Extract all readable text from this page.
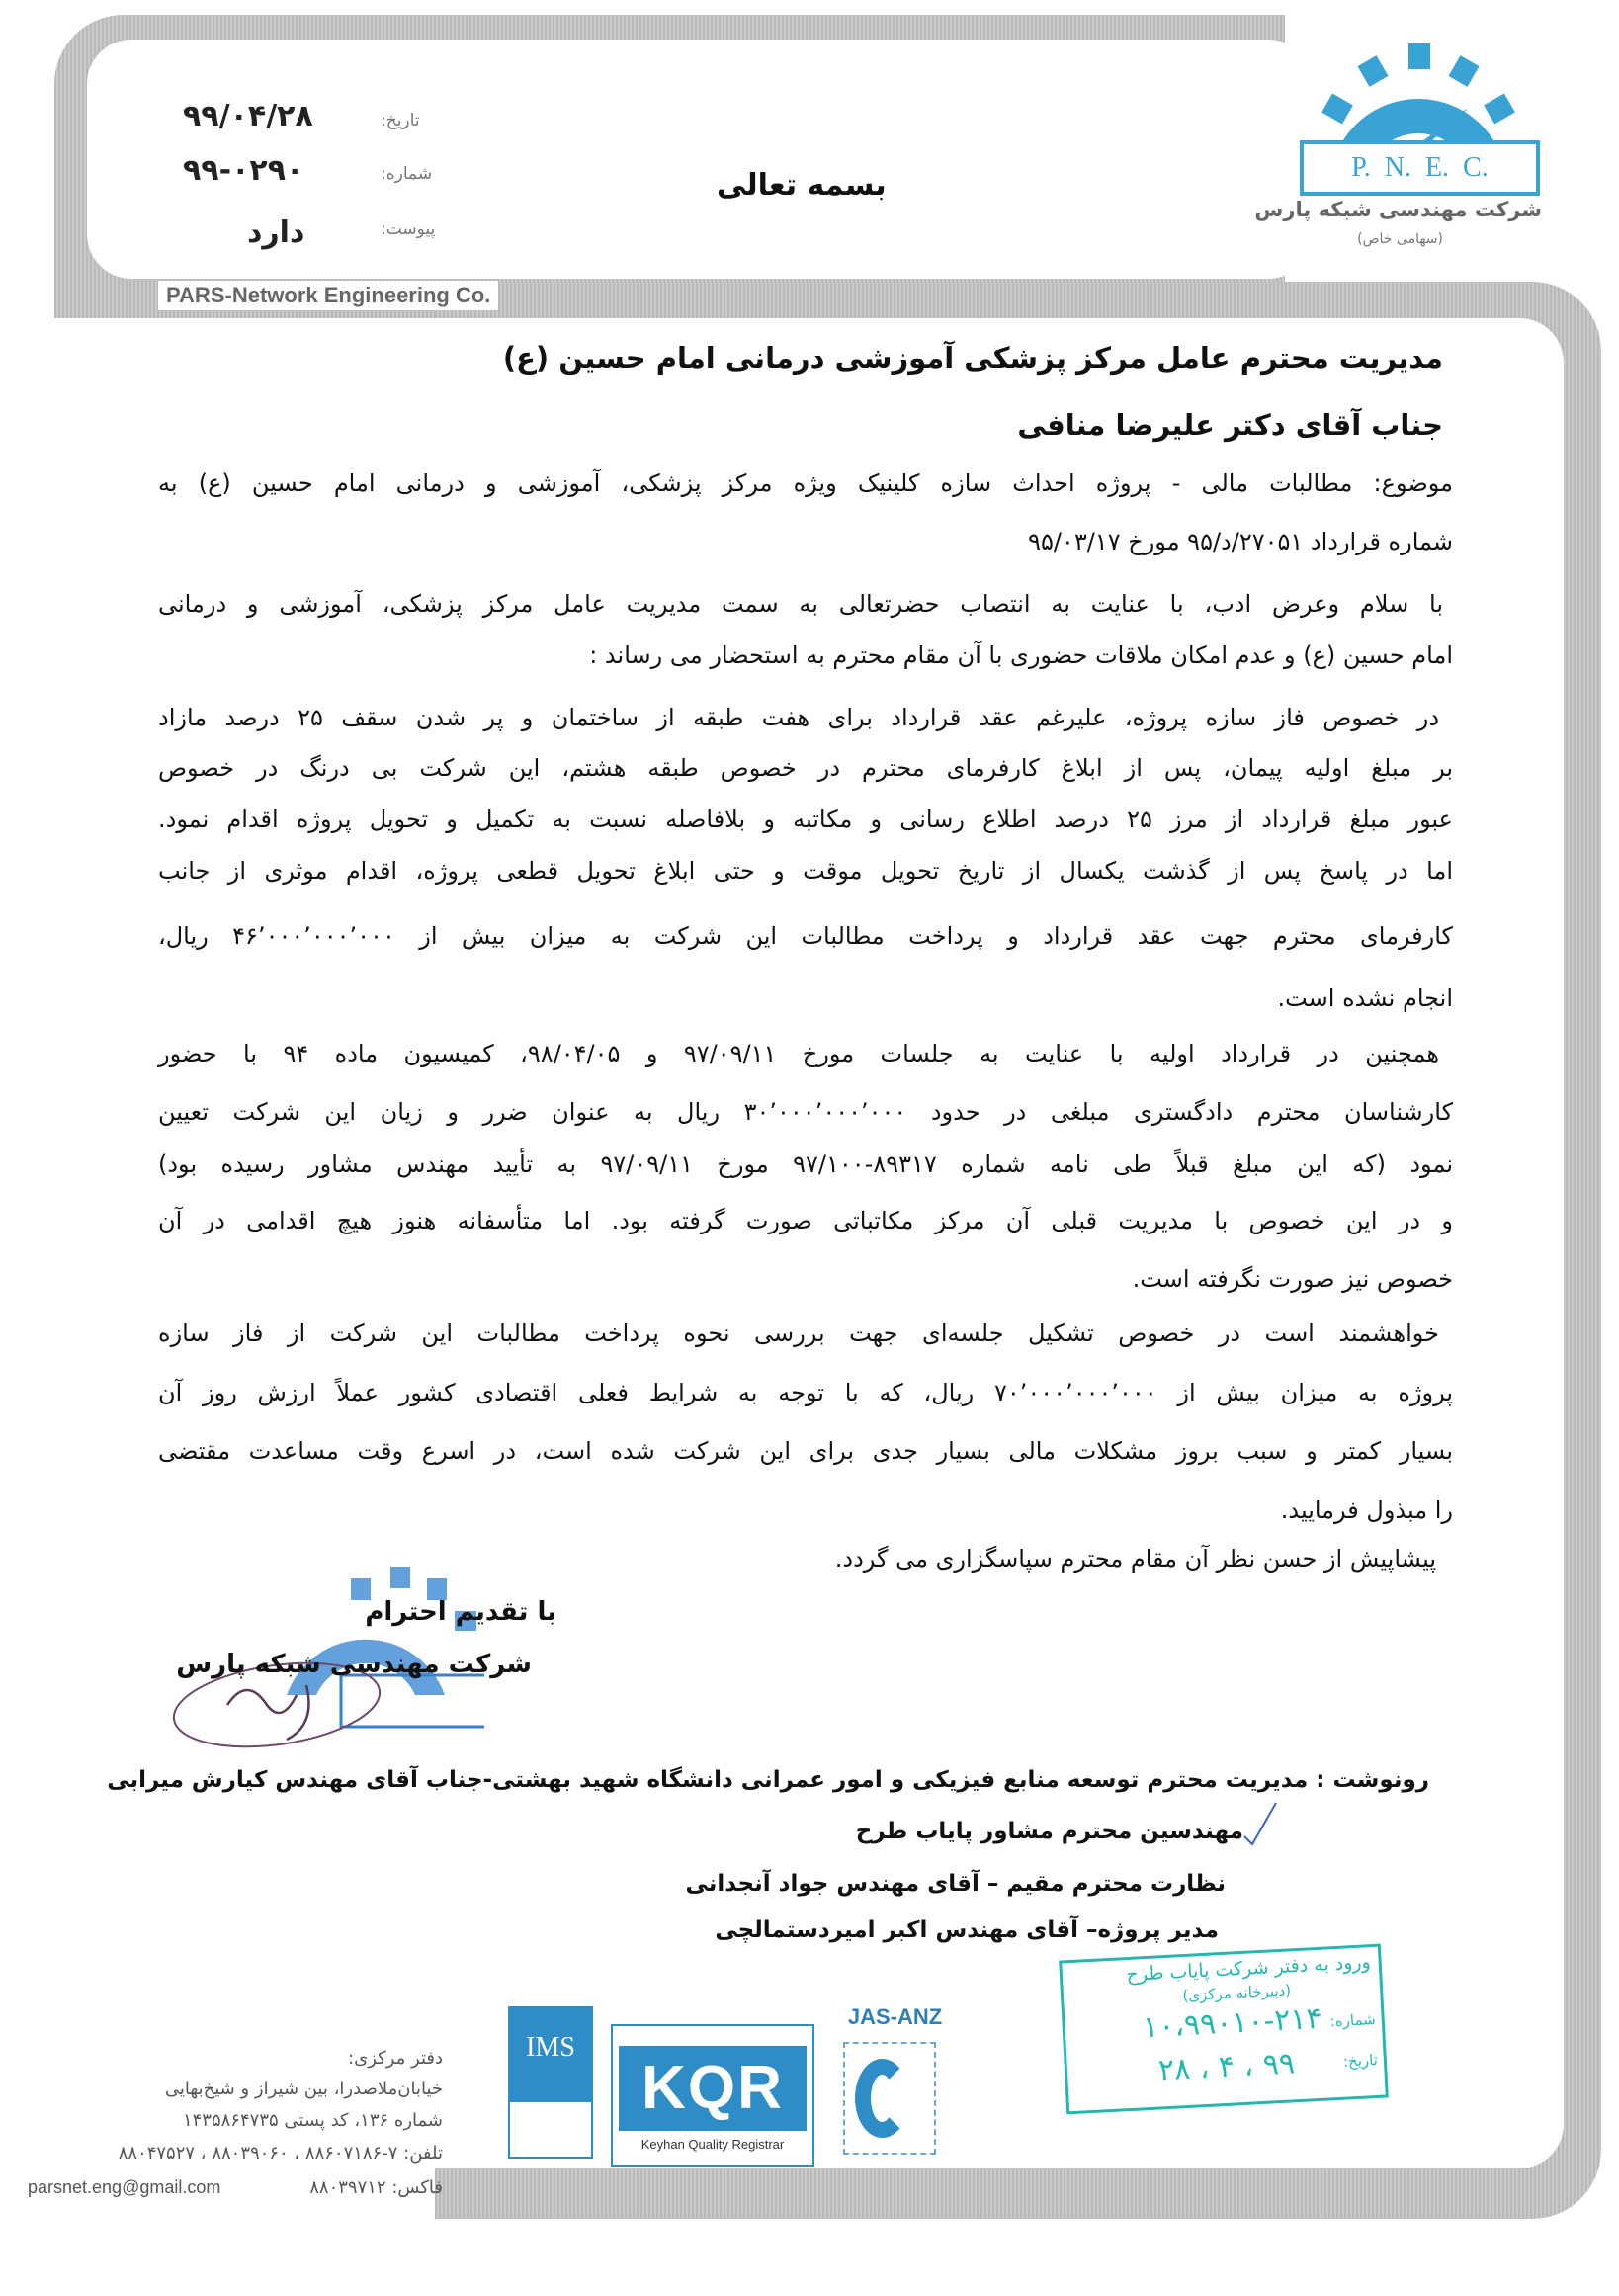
PARS-Network Engineering Co.
تاریخ:
۹۹/۰۴/۲۸
شماره:
۹۹-۰۲۹۰
پیوست:
دارد
بسمه تعالی
P.  N.  E.  C.
شرکت مهندسی شبکه پارس
(سهامی خاص)
مدیریت محترم عامل مرکز پزشکی آموزشی درمانی امام حسین (ع)
جناب آقای دکتر علیرضا منافی
موضوع: مطالبات مالی - پروژه احداث سازه کلینیک ویژه مرکز پزشکی، آموزشی و درمانی امام حسین (ع) به
شماره قرارداد ۲۷۰۵۱/د/۹۵ مورخ ۹۵/۰۳/۱۷
با سلام وعرض ادب، با عنایت به انتصاب حضرتعالی به سمت مدیریت عامل مرکز پزشکی، آموزشی و درمانی
امام حسین (ع) و عدم امکان ملاقات حضوری با آن مقام محترم به استحضار می رساند :
در خصوص فاز سازه پروژه، علیرغم عقد قرارداد برای هفت طبقه از ساختمان و پر شدن سقف ۲۵ درصد مازاد
بر مبلغ اولیه پیمان، پس از ابلاغ کارفرمای محترم در خصوص طبقه هشتم، این شرکت بی درنگ در خصوص
عبور مبلغ قرارداد از مرز ۲۵ درصد اطلاع رسانی و مکاتبه و بلافاصله نسبت به تکمیل و تحویل پروژه اقدام نمود.
اما در پاسخ پس از گذشت یکسال از تاریخ تحویل موقت و حتی ابلاغ تحویل قطعی پروژه، اقدام موثری از جانب
کارفرمای محترم جهت عقد قرارداد و پرداخت مطالبات این شرکت به میزان بیش از ۴۶٬۰۰۰٬۰۰۰٬۰۰۰ ریال،
انجام نشده است.
همچنین در قرارداد اولیه با عنایت به جلسات مورخ ۹۷/۰۹/۱۱ و ۹۸/۰۴/۰۵، کمیسیون ماده ۹۴ با حضور
کارشناسان محترم دادگستری مبلغی در حدود ۳۰٬۰۰۰٬۰۰۰٬۰۰۰ ریال به عنوان ضرر و زیان این شرکت تعیین
نمود (که این مبلغ قبلاً طی نامه شماره ۸۹۳۱۷-۹۷/۱۰۰ مورخ ۹۷/۰۹/۱۱ به تأیید مهندس مشاور رسیده بود)
و در این خصوص با مدیریت قبلی آن مرکز مکاتباتی صورت گرفته بود. اما متأسفانه هنوز هیچ اقدامی در آن
خصوص نیز صورت نگرفته است.
خواهشمند است در خصوص تشکیل جلسه‌ای جهت بررسی نحوه پرداخت مطالبات این شرکت از فاز سازه
پروژه به میزان بیش از ۷۰٬۰۰۰٬۰۰۰٬۰۰۰ ریال، که با توجه به شرایط فعلی اقتصادی کشور عملاً ارزش روز آن
بسیار کمتر و سبب بروز مشکلات مالی بسیار جدی برای این شرکت شده است، در اسرع وقت مساعدت مقتضی
را مبذول فرمایید.
پیشاپیش از حسن نظر آن مقام محترم سپاسگزاری می گردد.
با تقدیم احترام
شرکت مهندسی شبکه پارس
رونوشت : مدیریت محترم توسعه منابع فیزیکی و امور عمرانی دانشگاه شهید بهشتی-جناب آقای مهندس کیارش میرابی
مهندسین محترم مشاور پایاب طرح
نظارت محترم مقیم – آقای مهندس جواد آنجدانی
مدیر پروژه– آقای مهندس اکبر امیردستمالچی
ورود به دفتر شرکت پایاب طرح
(دبیرخانه مرکزی)
شماره:
۱۰،۹۹۰۱۰-۲۱۴
تاریخ:
۹۹ ، ۴ ، ۲۸
IMS
KQR
Keyhan Quality Registrar
JAS-ANZ
دفتر مرکزی:
خیابان‌ملاصدرا، بین شیراز و شیخ‌بهایی
شماره ۱۳۶، کد پستی ۱۴۳۵۸۶۴۷۳۵
تلفن: ۷-۸۸۶۰۷۱۸۶ ، ۸۸۰۳۹۰۶۰ ، ۸۸۰۴۷۵۲۷
فاکس: ۸۸۰۳۹۷۱۲
parsnet.eng@gmail.com
